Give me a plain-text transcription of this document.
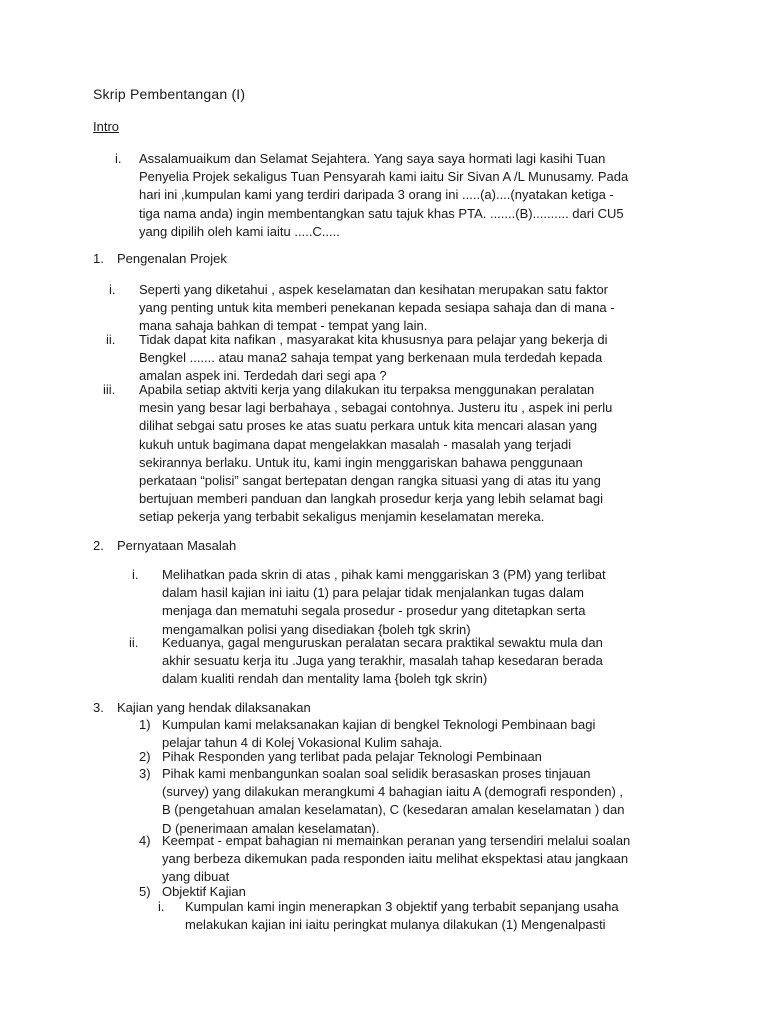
Skrip Pembentangan (I)
Intro
i. Assalamuaikum dan Selamat Sejahtera. Yang saya saya hormati lagi kasihi Tuan
Penyelia Projek sekaligus Tuan Pensyarah kami iaitu Sir Sivan A /L Munusamy. Pada
hari ini ,kumpulan kami yang terdiri daripada 3 orang ini .....(a)....(nyatakan ketiga -
tiga nama anda) ingin membentangkan satu tajuk khas PTA. .......(B).......... dari CU5
yang dipilih oleh kami iaitu .....C.....
1. Pengenalan Projek
i. Seperti yang diketahui , aspek keselamatan dan kesihatan merupakan satu faktor
yang penting untuk kita memberi penekanan kepada sesiapa sahaja dan di mana -
mana sahaja bahkan di tempat - tempat yang lain.
ii. Tidak dapat kita nafikan , masyarakat kita khususnya para pelajar yang bekerja di
Bengkel ....... atau mana2 sahaja tempat yang berkenaan mula terdedah kepada
amalan aspek ini. Terdedah dari segi apa ?
iii. Apabila setiap aktviti kerja yang dilakukan itu terpaksa menggunakan peralatan
mesin yang besar lagi berbahaya , sebagai contohnya. Justeru itu , aspek ini perlu
dilihat sebgai satu proses ke atas suatu perkara untuk kita mencari alasan yang
kukuh untuk bagimana dapat mengelakkan masalah - masalah yang terjadi
sekirannya berlaku. Untuk itu, kami ingin menggariskan bahawa penggunaan
perkataan “polisi” sangat bertepatan dengan rangka situasi yang di atas itu yang
bertujuan memberi panduan dan langkah prosedur kerja yang lebih selamat bagi
setiap pekerja yang terbabit sekaligus menjamin keselamatan mereka.
2. Pernyataan Masalah
i. Melihatkan pada skrin di atas , pihak kami menggariskan 3 (PM) yang terlibat
dalam hasil kajian ini iaitu (1) para pelajar tidak menjalankan tugas dalam
menjaga dan mematuhi segala prosedur - prosedur yang ditetapkan serta
mengamalkan polisi yang disediakan {boleh tgk skrin)
ii. Keduanya, gagal menguruskan peralatan secara praktikal sewaktu mula dan
akhir sesuatu kerja itu .Juga yang terakhir, masalah tahap kesedaran berada
dalam kualiti rendah dan mentality lama {boleh tgk skrin)
3. Kajian yang hendak dilaksanakan
1) Kumpulan kami melaksanakan kajian di bengkel Teknologi Pembinaan bagi
pelajar tahun 4 di Kolej Vokasional Kulim sahaja.
2) Pihak Responden yang terlibat pada pelajar Teknologi Pembinaan
3) Pihak kami menbangunkan soalan soal selidik berasaskan proses tinjauan
(survey) yang dilakukan merangkumi 4 bahagian iaitu A (demografi responden) ,
B (pengetahuan amalan keselamatan), C (kesedaran amalan keselamatan ) dan
D (penerimaan amalan keselamatan).
4) Keempat - empat bahagian ni memainkan peranan yang tersendiri melalui soalan
yang berbeza dikemukan pada responden iaitu melihat ekspektasi atau jangkaan
yang dibuat
5) Objektif Kajian
i. Kumpulan kami ingin menerapkan 3 objektif yang terbabit sepanjang usaha
melakukan kajian ini iaitu peringkat mulanya dilakukan (1) Mengenalpasti
